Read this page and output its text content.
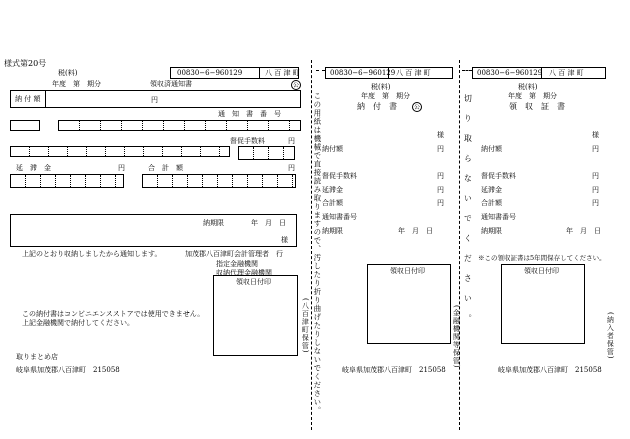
様式第20号
00830−6−960129	八 百 津 町
税(料)
年度　第　期分	領収済通知書	公
納 付 額	円
通　知　書　番　号
督促手数料	円
延　滞　金	円	合　計　額	円
納期限	年　月　日
様
上記のとおり収納しましたから通知します。	加茂郡八百津町会計管理者　行
指定金融機関
収納代理金融機関
領収日付印
この納付書はコンビニエンスストアでは使用できません。
上記金融機関で納付してください。
取りまとめ店
岐阜県加茂郡八百津町　215058
(八百津町保管) この用紙は機械で直接読み取りますので、汚したり折り曲げたりしないでください。
00830−6−960129 八 百 津 町
税(料)
年度　第　期分
納　付　書	公
様
納付額	円
督促手数料	円
延滞金	円
合計額	円
通知書番号
納期限	年　月　日
領収日付印
(金融機関等保管)
岐阜県加茂郡八百津町　215058
切り取らないでください。
00830−6−960129 八 百 津 町
税(料)
年度　第　期分
領　収　証　書
様
納付額	円
督促手数料	円
延滞金	円
合計額	円
通知書番号
納期限	年　月　日
※この領収証書は5年間保存してください。
領収日付印
(納入者保管)
岐阜県加茂郡八百津町　215058
